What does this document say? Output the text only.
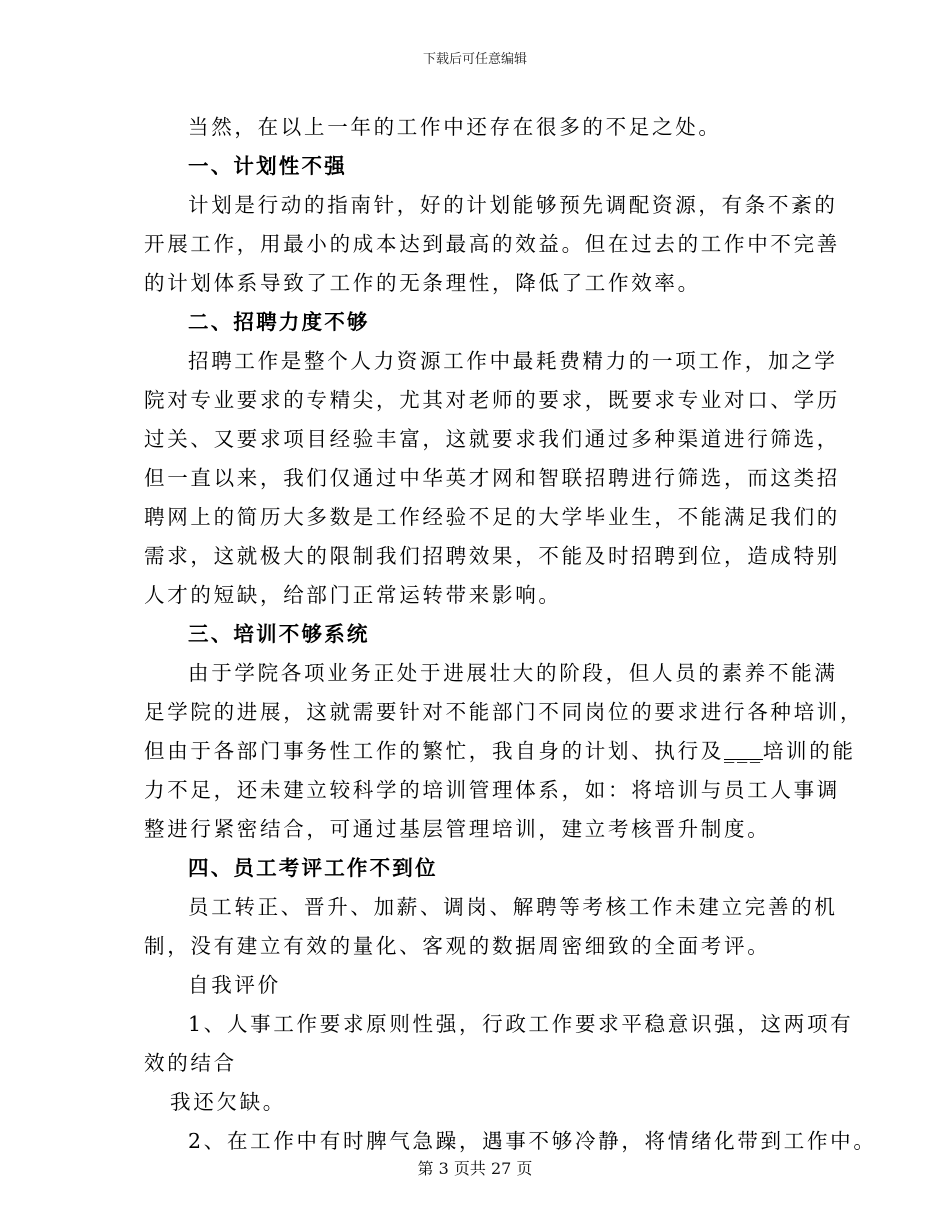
下载后可任意编辑
当然，在以上一年的工作中还存在很多的不足之处。
一、计划性不强
计划是行动的指南针，好的计划能够预先调配资源，有条不紊的
开展工作，用最小的成本达到最高的效益。但在过去的工作中不完善
的计划体系导致了工作的无条理性，降低了工作效率。
二、招聘力度不够
招聘工作是整个人力资源工作中最耗费精力的一项工作，加之学
院对专业要求的专精尖，尤其对老师的要求，既要求专业对口、学历
过关、又要求项目经验丰富，这就要求我们通过多种渠道进行筛选，
但一直以来，我们仅通过中华英才网和智联招聘进行筛选，而这类招
聘网上的简历大多数是工作经验不足的大学毕业生，不能满足我们的
需求，这就极大的限制我们招聘效果，不能及时招聘到位，造成特别
人才的短缺，给部门正常运转带来影响。
三、培训不够系统
由于学院各项业务正处于进展壮大的阶段，但人员的素养不能满
足学院的进展，这就需要针对不能部门不同岗位的要求进行各种培训，
但由于各部门事务性工作的繁忙，我自身的计划、执行及___培训的能
力不足，还未建立较科学的培训管理体系，如：将培训与员工人事调
整进行紧密结合，可通过基层管理培训，建立考核晋升制度。
四、员工考评工作不到位
员工转正、晋升、加薪、调岗、解聘等考核工作未建立完善的机
制，没有建立有效的量化、客观的数据周密细致的全面考评。
自我评价
1、人事工作要求原则性强，行政工作要求平稳意识强，这两项有
效的结合
我还欠缺。
2、在工作中有时脾气急躁，遇事不够冷静，将情绪化带到工作中。
第 3 页共 27 页
